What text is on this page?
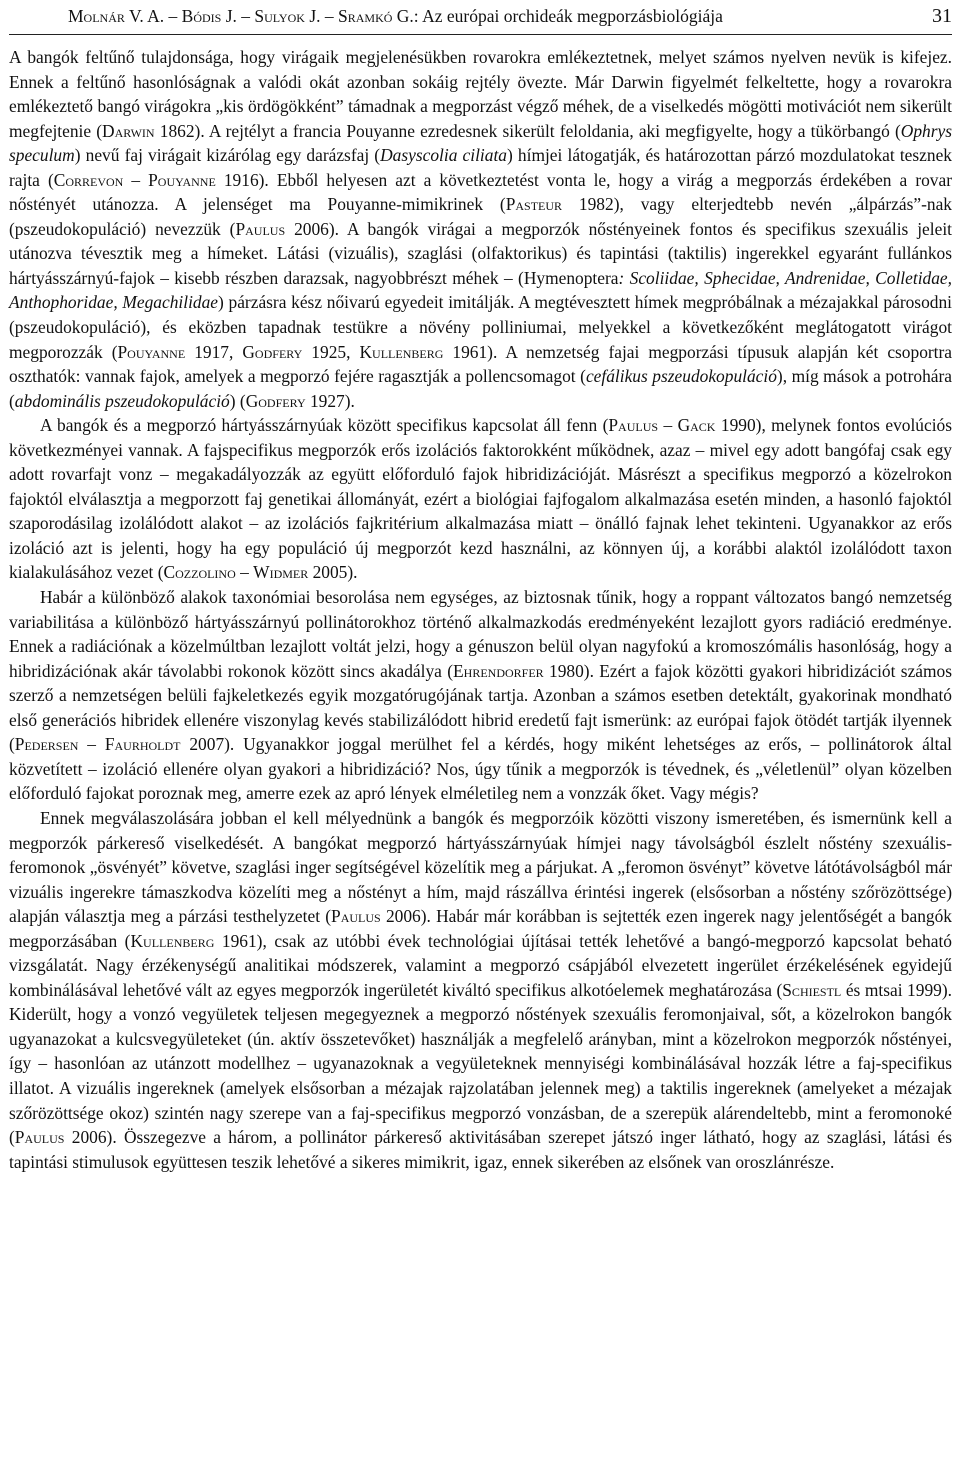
Molnár V. A. – Bódis J. – Sulyok J. – Sramkó G.: Az európai orchideák megporzásbiológiája	31

A bangók feltűnő tulajdonsága, hogy virágaik megjelenésükben rovarokra emlékeztetnek, melyet számos nyelven nevük is kifejez. Ennek a feltűnő hasonlóságnak a valódi okát azonban sokáig rejtély övezte. Már Darwin figyelmét felkeltette, hogy a rovarokra emlékeztető bangó virágokra „kis ördögökként” támadnak a megporzást végző méhek, de a viselkedés mögötti motivációt nem sikerült megfejtenie (Darwin 1862). A rejtélyt a francia Pouyanne ezredesnek sikerült feloldania, aki megfigyelte, hogy a tükörbangó (Ophrys speculum) nevű faj virágait kizárólag egy darázsfaj (Dasyscolia ciliata) hímjei látogatják, és határozottan párzó mozdulatokat tesznek rajta (Correvon – Pouyanne 1916). Ebből helyesen azt a következtetést vonta le, hogy a virág a megporzás érdekében a rovar nőstényét utánozza. A jelenséget ma Pouyanne-mimikrinek (Pasteur 1982), vagy elterjedtebb nevén „álpárzás”-nak (pszeudokopuláció) nevezzük (Paulus 2006). A bangók virágai a megporzók nőstényeinek fontos és specifikus szexuális jeleit utánozva tévesztik meg a hímeket. Látási (vizuális), szaglási (olfaktorikus) és tapintási (taktilis) ingerekkel egyaránt fullánkos hártyásszárnyú-fajok – kisebb részben darazsak, nagyobbrészt méhek – (Hymenoptera: Scoliidae, Sphecidae, Andrenidae, Colletidae, Anthophoridae, Megachilidae) párzásra kész nőivarú egyedeit imitálják. A megtévesztett hímek megpróbálnak a mézajakkal párosodni (pszeudokopuláció), és eközben tapadnak testükre a növény polliniumai, melyekkel a következőként meglátogatott virágot megporozzák (Pouyanne 1917, Godfery 1925, Kullenberg 1961). A nemzetség fajai megporzási típusuk alapján két csoportra oszthatók: vannak fajok, amelyek a megporzó fejére ragasztják a pollencsomagot (cefálikus pszeudokopuláció), míg mások a potrohára (abdominális pszeudokopuláció) (Godfery 1927).

A bangók és a megporzó hártyásszárnyúak között specifikus kapcsolat áll fenn (Paulus – Gack 1990), melynek fontos evolúciós következményei vannak. A fajspecifikus megporzók erős izolációs faktorokként működnek, azaz – mivel egy adott bangófaj csak egy adott rovarfajt vonz – megakadályozzák az együtt előforduló fajok hibridizációját. Másrészt a specifikus megporzó a közelrokon fajoktól elválasztja a megporzott faj genetikai állományát, ezért a biológiai fajfogalom alkalmazása esetén minden, a hasonló fajoktól szaporodásilag izolálódott alakot – az izolációs fajkritérium alkalmazása miatt – önálló fajnak lehet tekinteni. Ugyanakkor az erős izoláció azt is jelenti, hogy ha egy populáció új megporzót kezd használni, az könnyen új, a korábbi alaktól izolálódott taxon kialakulásához vezet (Cozzolino – Widmer 2005).

Habár a különböző alakok taxonómiai besorolása nem egységes, az biztosnak tűnik, hogy a roppant változatos bangó nemzetség variabilitása a különböző hártyásszárnyú pollinátorokhoz történő alkalmazkodás eredményeként lezajlott gyors radiáció eredménye. Ennek a radiációnak a közelmúltban lezajlott voltát jelzi, hogy a génuszon belül olyan nagyfokú a kromoszómális hasonlóság, hogy a hibridizációnak akár távolabbi rokonok között sincs akadálya (Ehrendorfer 1980). Ezért a fajok közötti gyakori hibridizációt számos szerző a nemzetségen belüli fajkeletkezés egyik mozgatórugójának tartja. Azonban a számos esetben detektált, gyakorinak mondható első generációs hibridek ellenére viszonylag kevés stabilizálódott hibrid eredetű fajt ismerünk: az európai fajok ötödét tartják ilyennek (Pedersen – Faurholdt 2007). Ugyanakkor joggal merülhet fel a kérdés, hogy miként lehetséges az erős, – pollinátorok által közvetített – izoláció ellenére olyan gyakori a hibridizáció? Nos, úgy tűnik a megporzók is tévednek, és „véletlenül” olyan közelben előforduló fajokat poroznak meg, amerre ezek az apró lények elméletileg nem a vonzzák őket. Vagy mégis?

Ennek megválaszolására jobban el kell mélyednünk a bangók és megporzóik közötti viszony ismeretében, és ismernünk kell a megporzók párkereső viselkedését. A bangókat megporzó hártyásszárnyúak hímjei nagy távolságból észlelt nőstény szexuális-feromonok „ösvényét” követve, szaglási inger segítségével közelítik meg a párjukat. A „feromon ösvényt” követve látótávolságból már vizuális ingerekre támaszkodva közelíti meg a nőstényt a hím, majd rászállva érintési ingerek (elsősorban a nőstény szőrözöttsége) alapján választja meg a párzási testhelyzetet (Paulus 2006). Habár már korábban is sejtették ezen ingerek nagy jelentőségét a bangók megporzásában (Kullenberg 1961), csak az utóbbi évek technológiai újításai tették lehetővé a bangó-megporzó kapcsolat beható vizsgálatát. Nagy érzékenységű analitikai módszerek, valamint a megporzó csápjából elvezetett ingerület érzékelésének egyidejű kombinálásával lehetővé vált az egyes megporzók ingerületét kiváltó specifikus alkotóelemek meghatározása (Schiestl és mtsai 1999). Kiderült, hogy a vonzó vegyületek teljesen megegyeznek a megporzó nőstények szexuális feromonjaival, sőt, a közelrokon bangók ugyanazokat a kulcsvegyületeket (ún. aktív összetevőket) használják a megfelelő arányban, mint a közelrokon megporzók nőstényei, így – hasonlóan az utánzott modellhez – ugyanazoknak a vegyületeknek mennyiségi kombinálásával hozzák létre a faj-specifikus illatot. A vizuális ingereknek (amelyek elsősorban a mézajak rajzolatában jelennek meg) a taktilis ingereknek (amelyeket a mézajak szőrözöttsége okoz) szintén nagy szerepe van a faj-specifikus megporzó vonzásban, de a szerepük alárendeltebb, mint a feromonoké (Paulus 2006). Összegezve a három, a pollinátor párkereső aktivitásában szerepet játszó inger látható, hogy az szaglási, látási és tapintási stimulusok együttesen teszik lehetővé a sikeres mimikrit, igaz, ennek sikerében az elsőnek van oroszlánrésze.
